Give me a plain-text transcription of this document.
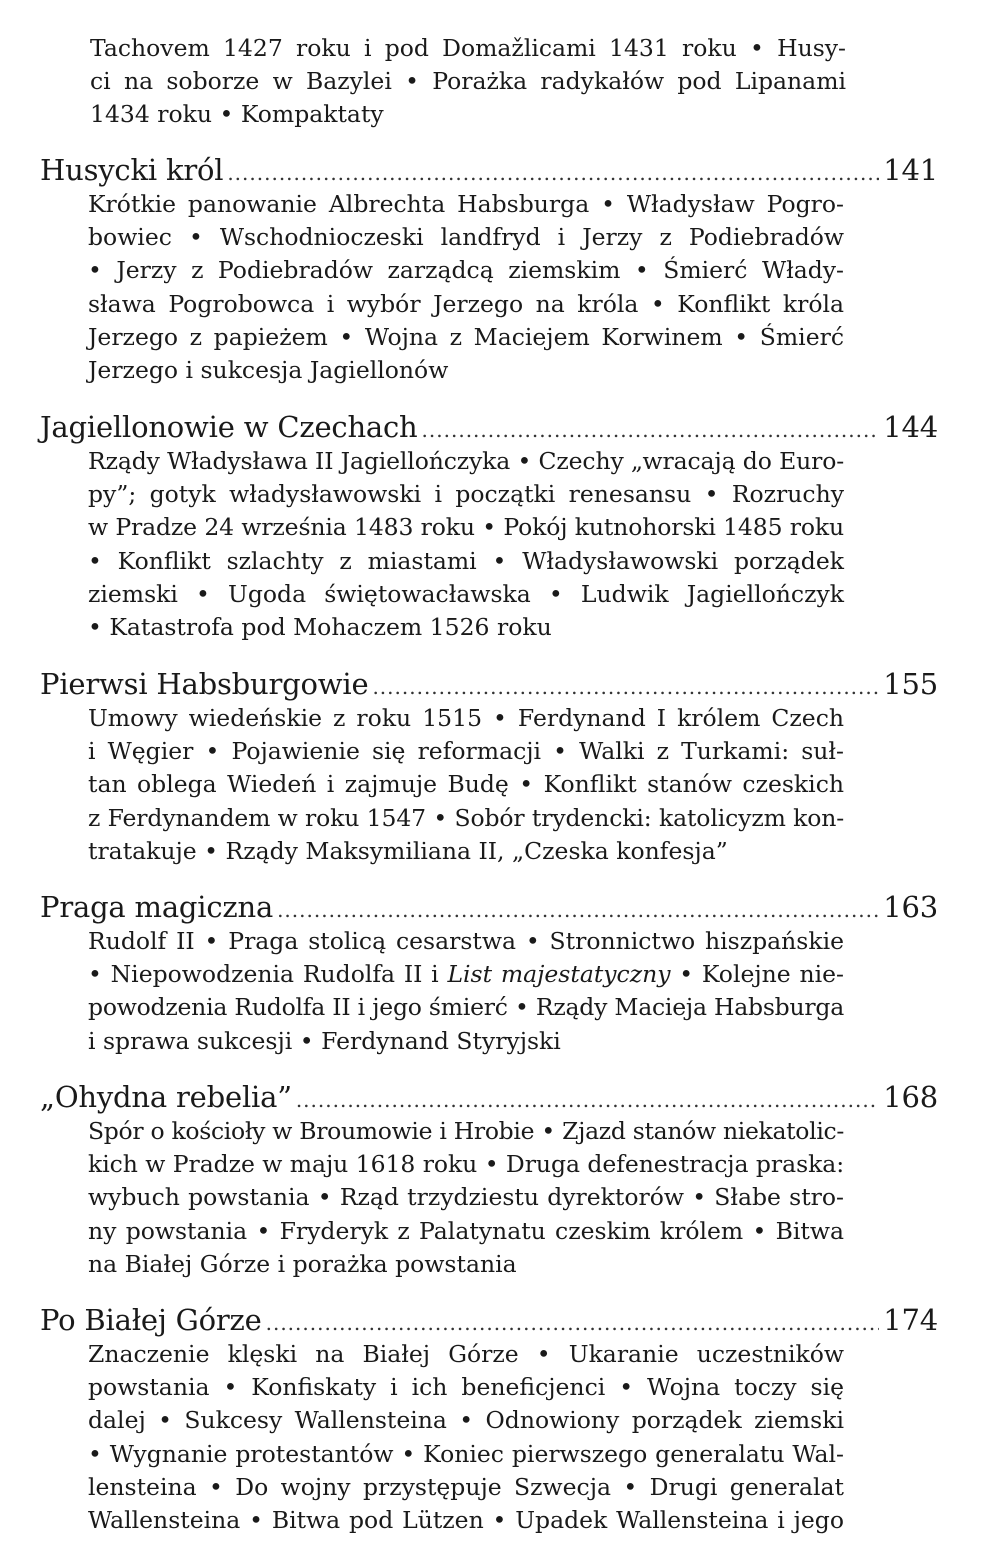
Tachovem 1427 roku i pod Domažlicami 1431 roku • Husy-
ci na soborze w Bazylei • Porażka radykałów pod Lipanami
1434 roku • Kompaktaty
Husycki król .....	141
Krótkie panowanie Albrechta Habsburga • Władysław Pogro-
bowiec • Wschodnioczeski landfryd i Jerzy z Podiebradów
• Jerzy z Podiebradów zarządcą ziemskim • Śmierć Włady-
sława Pogrobowca i wybór Jerzego na króla • Konflikt króla
Jerzego z papieżem • Wojna z Maciejem Korwinem • Śmierć
Jerzego i sukcesja Jagiellonów
Jagiellonowie w Czechach .....	144
Rządy Władysława II Jagiellończyka • Czechy „wracają do Euro-
py”; gotyk władysławowski i początki renesansu • Rozruchy
w Pradze 24 września 1483 roku • Pokój kutnohorski 1485 roku
• Konflikt szlachty z miastami • Władysławowski porządek
ziemski • Ugoda świętowacławska • Ludwik Jagiellończyk
• Katastrofa pod Mohaczem 1526 roku
Pierwsi Habsburgowie .....	155
Umowy wiedeńskie z roku 1515 • Ferdynand I królem Czech
i Węgier • Pojawienie się reformacji • Walki z Turkami: suł-
tan oblega Wiedeń i zajmuje Budę • Konflikt stanów czeskich
z Ferdynandem w roku 1547 • Sobór trydencki: katolicyzm kon-
tratakuje • Rządy Maksymiliana II, „Czeska konfesja”
Praga magiczna .....	163
Rudolf II • Praga stolicą cesarstwa • Stronnictwo hiszpańskie
• Niepowodzenia Rudolfa II i List majestatyczny • Kolejne nie-
powodzenia Rudolfa II i jego śmierć • Rządy Macieja Habsburga
i sprawa sukcesji • Ferdynand Styryjski
„Ohydna rebelia” .....	168
Spór o kościoły w Broumowie i Hrobie • Zjazd stanów niekatolic-
kich w Pradze w maju 1618 roku • Druga defenestracja praska:
wybuch powstania • Rząd trzydziestu dyrektorów • Słabe stro-
ny powstania • Fryderyk z Palatynatu czeskim królem • Bitwa
na Białej Górze i porażka powstania
Po Białej Górze .....	174
Znaczenie klęski na Białej Górze • Ukaranie uczestników
powstania • Konfiskaty i ich beneficjenci • Wojna toczy się
dalej • Sukcesy Wallensteina • Odnowiony porządek ziemski
• Wygnanie protestantów • Koniec pierwszego generalatu Wal-
lensteina • Do wojny przystępuje Szwecja • Drugi generalat
Wallensteina • Bitwa pod Lützen • Upadek Wallensteina i jego
